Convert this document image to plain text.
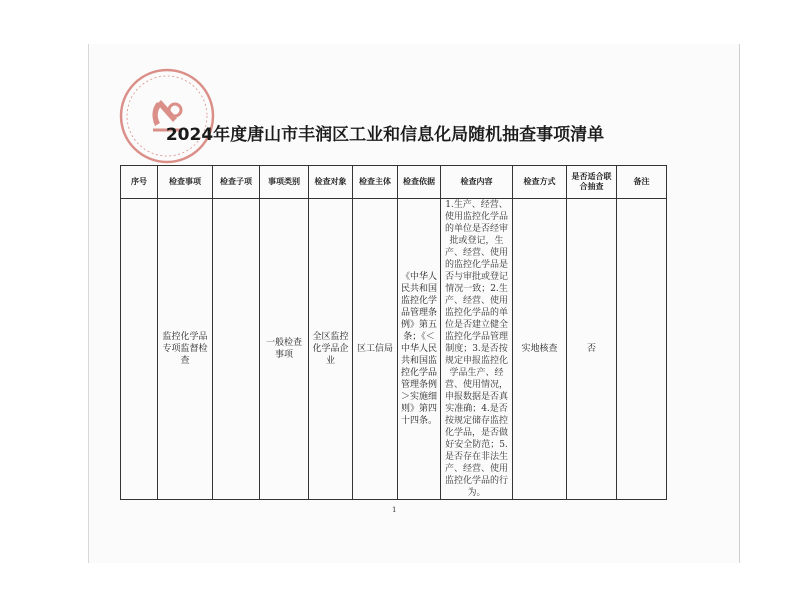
2024年度唐山市丰润区工业和信息化局随机抽查事项清单
序号	检查事项	检查子项	事项类别	检查对象	检查主体	检查依据	检查内容	检查方式	是否适合联合抽查	备注
	监控化学品专项监督检查		一般检查事项	全区监控化学品企业	区工信局	《中华人民共和国监控化学品管理条例》第五条；《＜中华人民共和国监控化学品管理条例＞实施细则》第四十四条。	1.生产、经营、使用监控化学品的单位是否经审批或登记，生产、经营、使用的监控化学品是否与审批或登记情况一致；2.生产、经营、使用监控化学品的单位是否建立健全监控化学品管理制度；3.是否按规定申报监控化学品生产、经营、使用情况，申报数据是否真实准确；4.是否按规定储存监控化学品，是否做好安全防范；5.是否存在非法生产、经营、使用监控化学品的行为。	实地核查	否	
1
